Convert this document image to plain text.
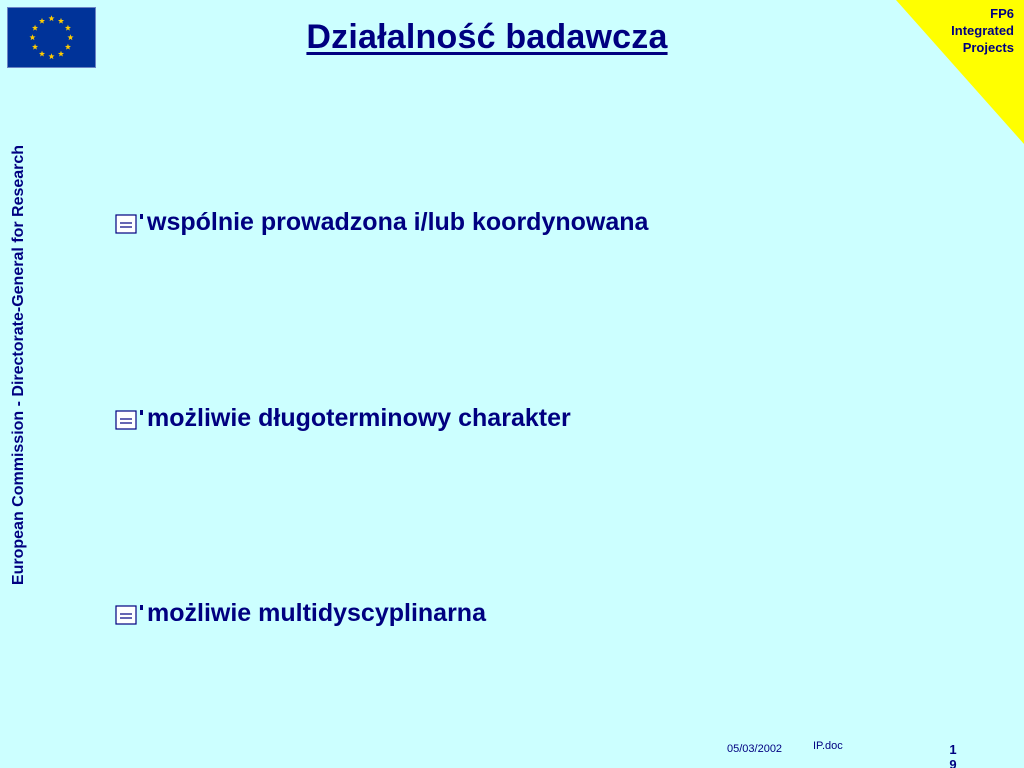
Działalność badawcza
FP6
Integrated
Projects
European Commission - Directorate-General for Research	wspólnie prowadzona i/lub koordynowana
możliwie długoterminowy charakter
możliwie multidyscyplinarna
05/03/2002	IP.doc	19
